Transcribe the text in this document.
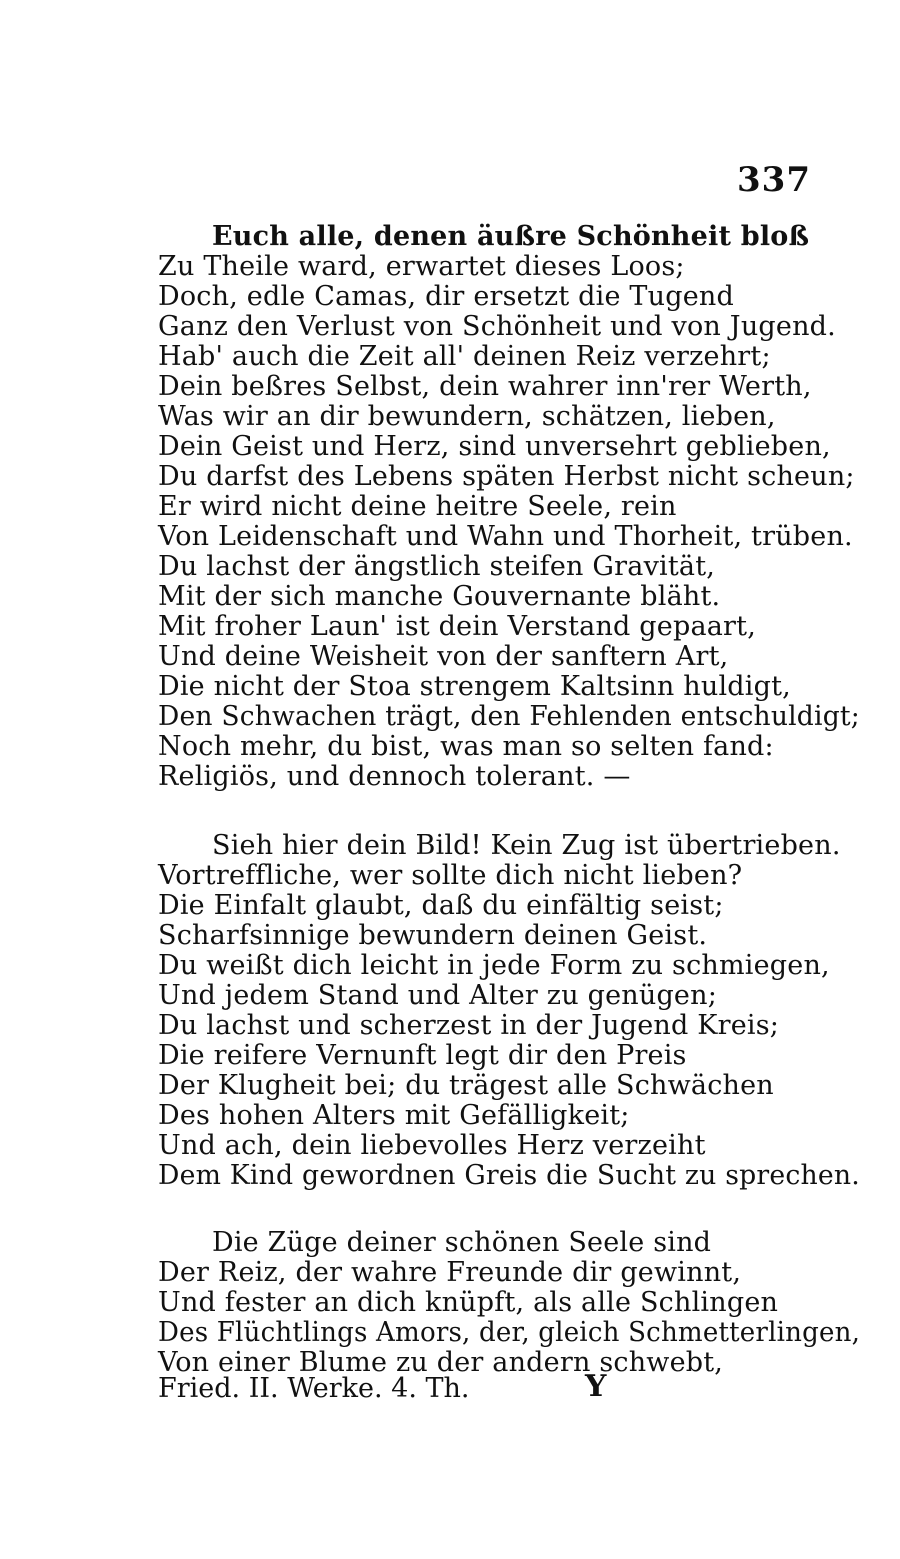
337
Euch alle, denen äußre Schönheit bloß
Zu Theile ward, erwartet dieses Loos;
Doch, edle Camas, dir ersetzt die Tugend
Ganz den Verlust von Schönheit und von Jugend.
Hab' auch die Zeit all' deinen Reiz verzehrt;
Dein beßres Selbst, dein wahrer inn'rer Werth,
Was wir an dir bewundern, schätzen, lieben,
Dein Geist und Herz, sind unversehrt geblieben,
Du darfst des Lebens späten Herbst nicht scheun;
Er wird nicht deine heitre Seele, rein
Von Leidenschaft und Wahn und Thorheit, trüben.
Du lachst der ängstlich steifen Gravität,
Mit der sich manche Gouvernante bläht.
Mit froher Laun' ist dein Verstand gepaart,
Und deine Weisheit von der sanftern Art,
Die nicht der Stoa strengem Kaltsinn huldigt,
Den Schwachen trägt, den Fehlenden entschuldigt;
Noch mehr, du bist, was man so selten fand:
Religiös, und dennoch tolerant. —
Sieh hier dein Bild! Kein Zug ist übertrieben.
Vortreffliche, wer sollte dich nicht lieben?
Die Einfalt glaubt, daß du einfältig seist;
Scharfsinnige bewundern deinen Geist.
Du weißt dich leicht in jede Form zu schmiegen,
Und jedem Stand und Alter zu genügen;
Du lachst und scherzest in der Jugend Kreis;
Die reifere Vernunft legt dir den Preis
Der Klugheit bei; du trägest alle Schwächen
Des hohen Alters mit Gefälligkeit;
Und ach, dein liebevolles Herz verzeiht
Dem Kind gewordnen Greis die Sucht zu sprechen.
Die Züge deiner schönen Seele sind
Der Reiz, der wahre Freunde dir gewinnt,
Und fester an dich knüpft, als alle Schlingen
Des Flüchtlings Amors, der, gleich Schmetterlingen,
Von einer Blume zu der andern schwebt,
Fried. II. Werke. 4. Th.	Y
